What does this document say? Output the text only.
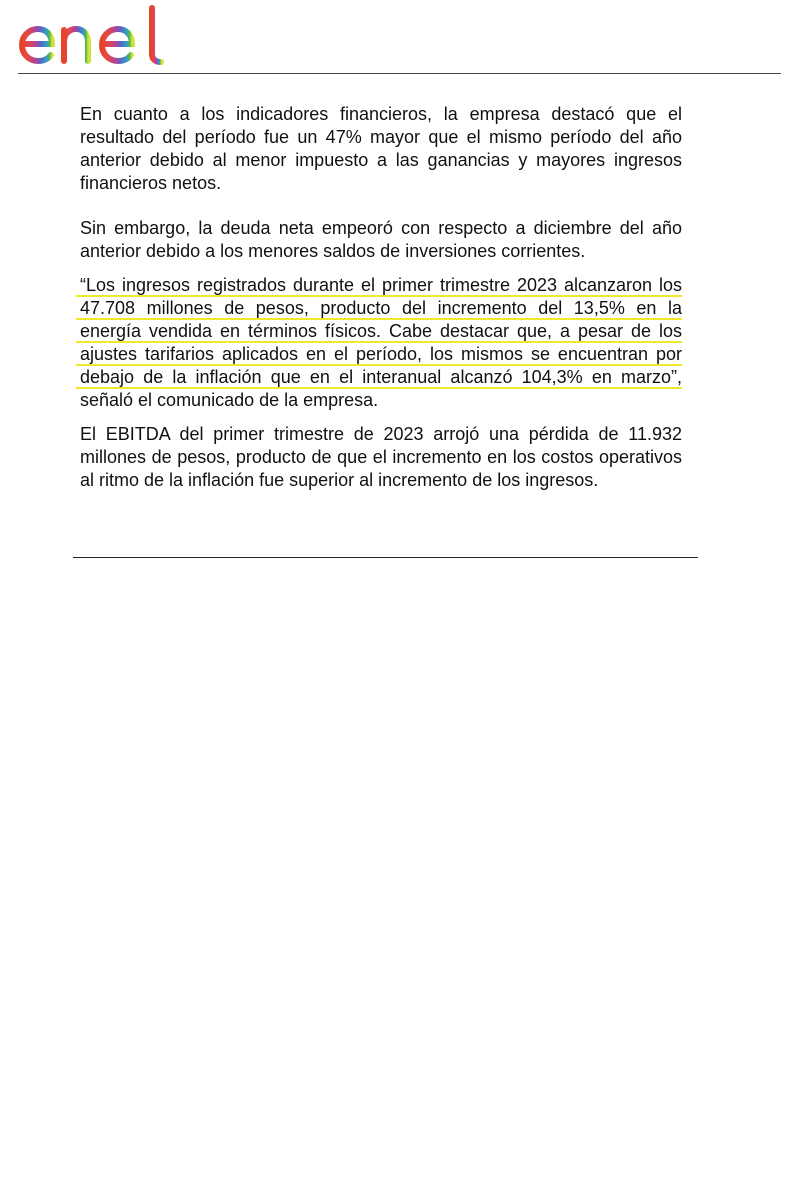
En cuanto a los indicadores financieros, la empresa destacó que el resultado del período fue un 47% mayor que el mismo período del año anterior debido al menor impuesto a las ganancias y mayores ingresos financieros netos.

Sin embargo, la deuda neta empeoró con respecto a diciembre del año anterior debido a los menores saldos de inversiones corrientes.

“Los ingresos registrados durante el primer trimestre 2023 alcanzaron los
47.708 millones de pesos, producto del incremento del 13,5% en la
energía vendida en términos físicos. Cabe destacar que, a pesar de los
ajustes tarifarios aplicados en el período, los mismos se encuentran por
debajo de la inflación que en el interanual alcanzó 104,3% en marzo”,
señaló el comunicado de la empresa.

El EBITDA del primer trimestre de 2023 arrojó una pérdida de 11.932 millones de pesos, producto de que el incremento en los costos operativos al ritmo de la inflación fue superior al incremento de los ingresos.
